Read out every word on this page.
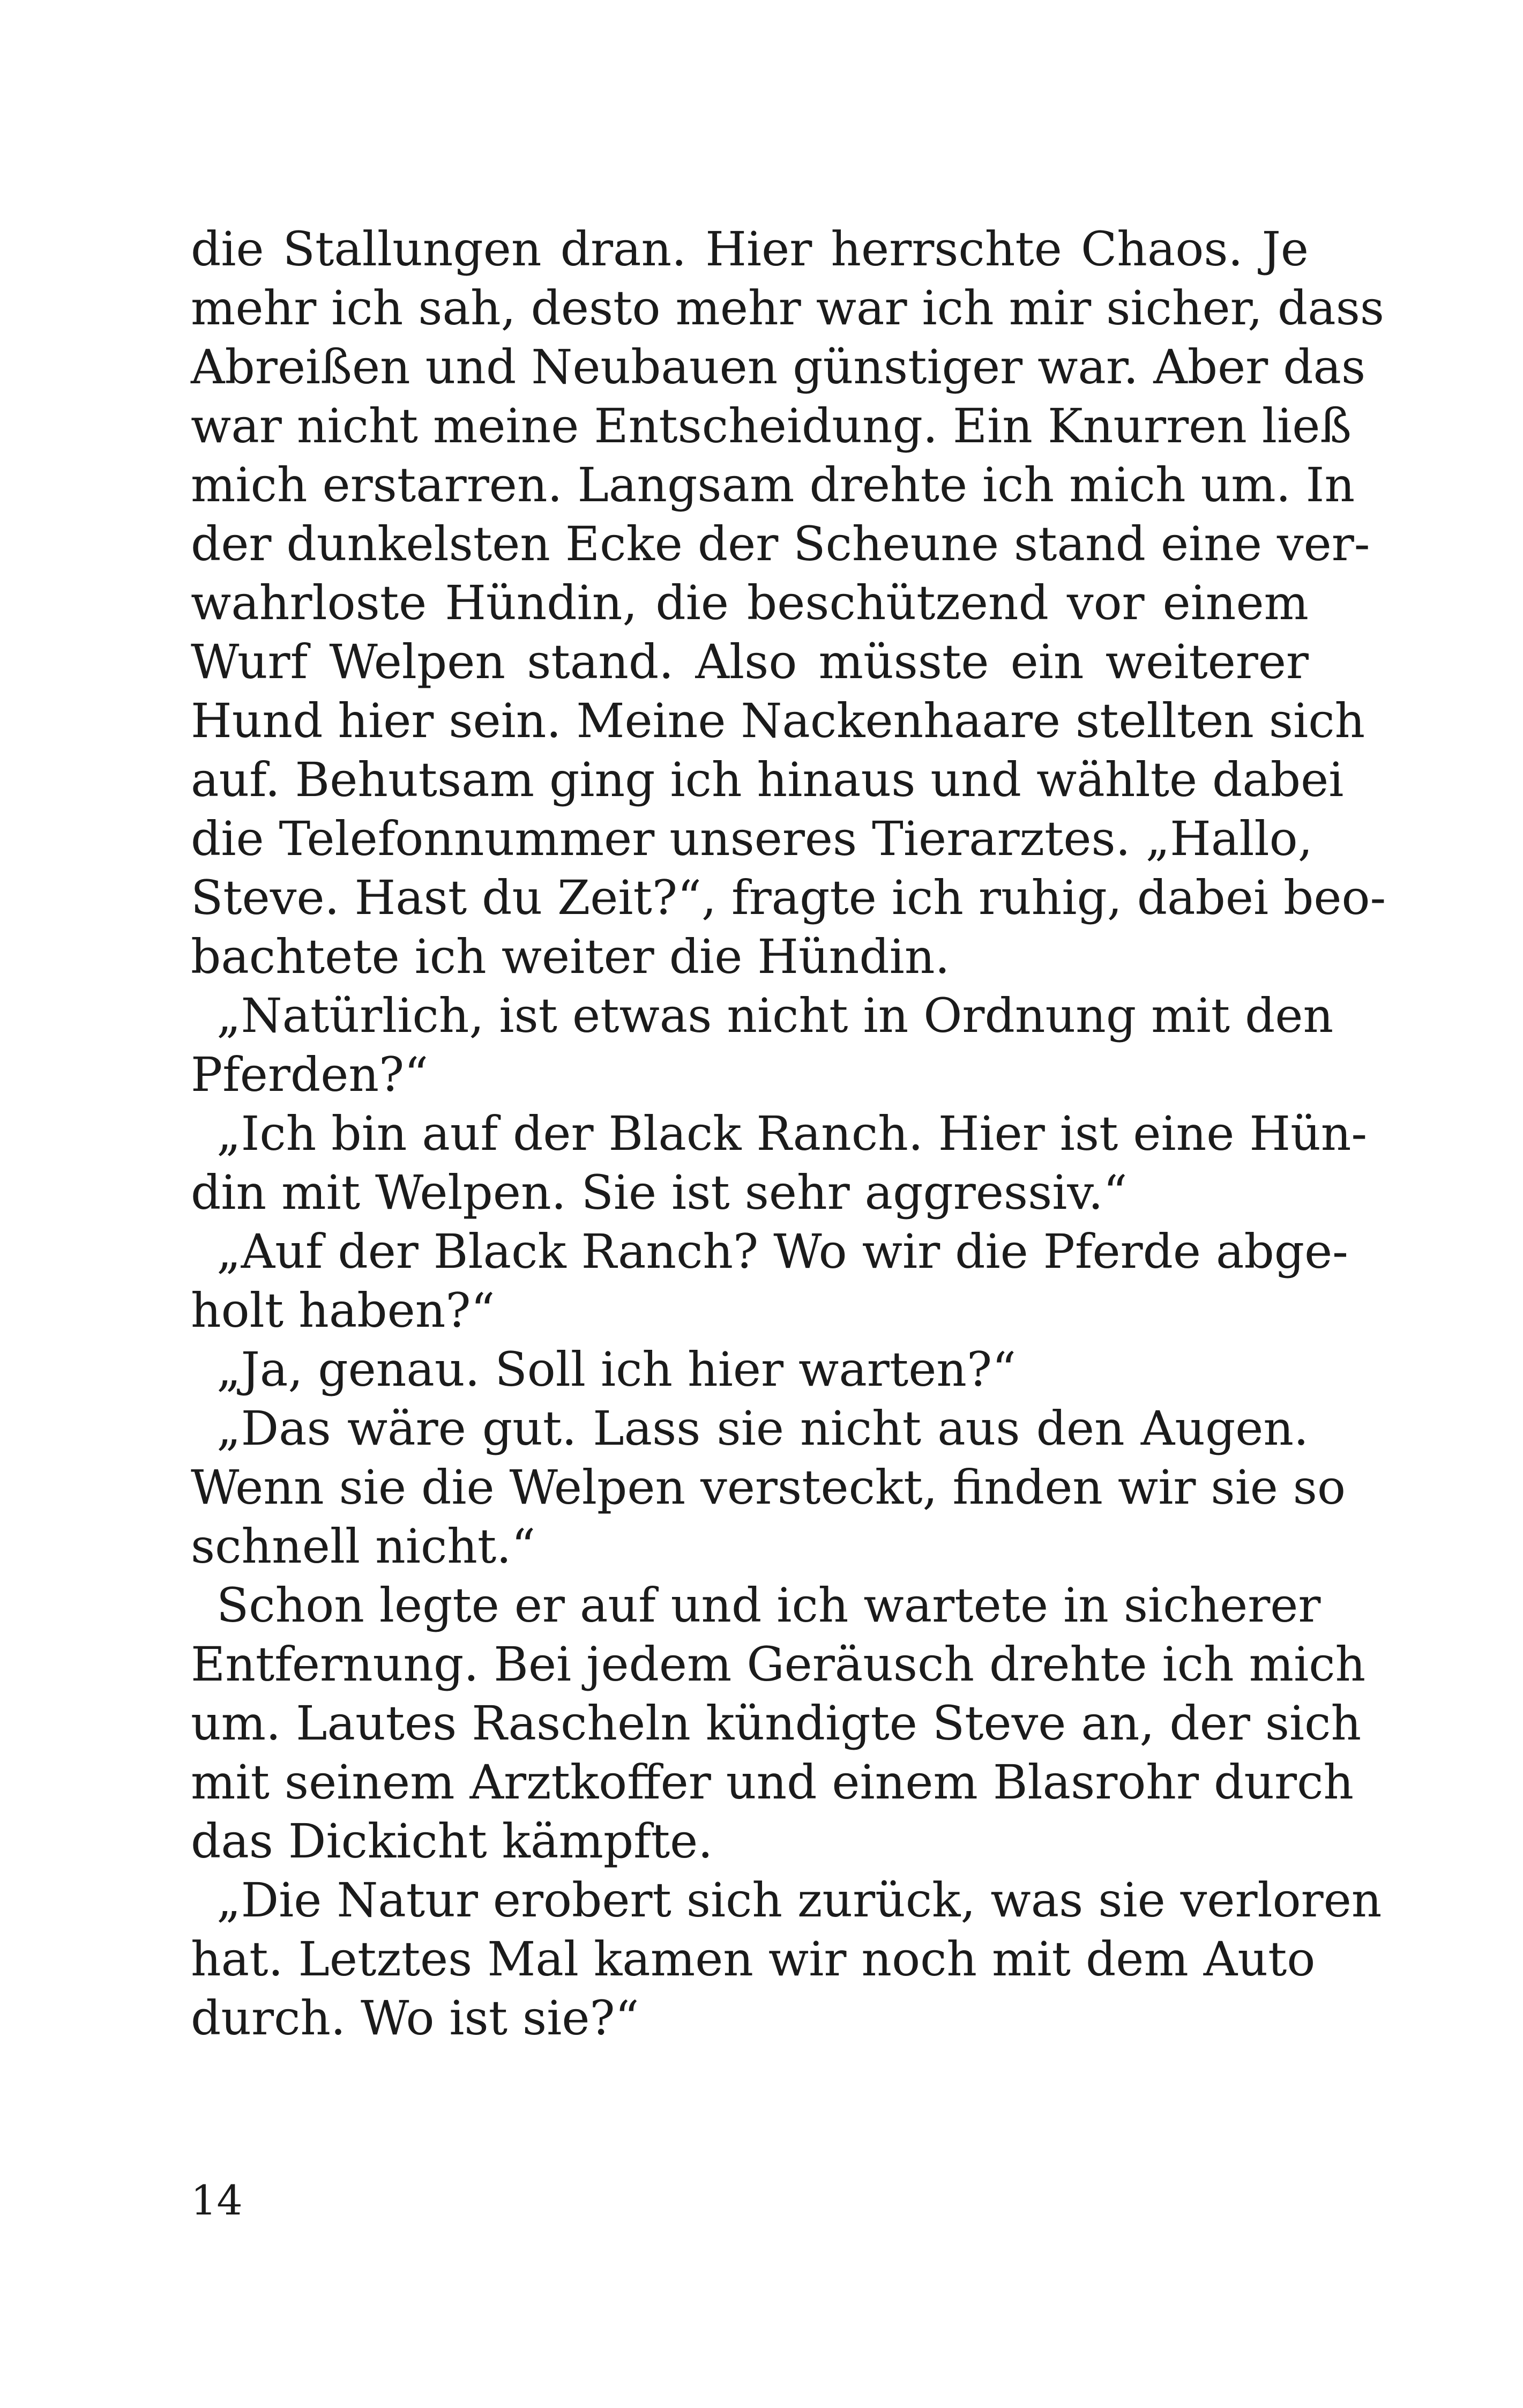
die Stallungen dran. Hier herrschte Chaos. Je
mehr ich sah, desto mehr war ich mir sicher, dass
Abreißen und Neubauen günstiger war. Aber das
war nicht meine Entscheidung. Ein Knurren ließ
mich erstarren. Langsam drehte ich mich um. In
der dunkelsten Ecke der Scheune stand eine ver-
wahrloste Hündin, die beschützend vor einem
Wurf Welpen stand. Also müsste ein weiterer
Hund hier sein. Meine Nackenhaare stellten sich
auf. Behutsam ging ich hinaus und wählte dabei
die Telefonnummer unseres Tierarztes. „Hallo,
Steve. Hast du Zeit?“, fragte ich ruhig, dabei beo-
bachtete ich weiter die Hündin.
„Natürlich, ist etwas nicht in Ordnung mit den
Pferden?“
„Ich bin auf der Black Ranch. Hier ist eine Hün-
din mit Welpen. Sie ist sehr aggressiv.“
„Auf der Black Ranch? Wo wir die Pferde abge-
holt haben?“
„Ja, genau. Soll ich hier warten?“
„Das wäre gut. Lass sie nicht aus den Augen.
Wenn sie die Welpen versteckt, finden wir sie so
schnell nicht.“
Schon legte er auf und ich wartete in sicherer
Entfernung. Bei jedem Geräusch drehte ich mich
um. Lautes Rascheln kündigte Steve an, der sich
mit seinem Arztkoffer und einem Blasrohr durch
das Dickicht kämpfte.
„Die Natur erobert sich zurück, was sie verloren
hat. Letztes Mal kamen wir noch mit dem Auto
durch. Wo ist sie?“
14
